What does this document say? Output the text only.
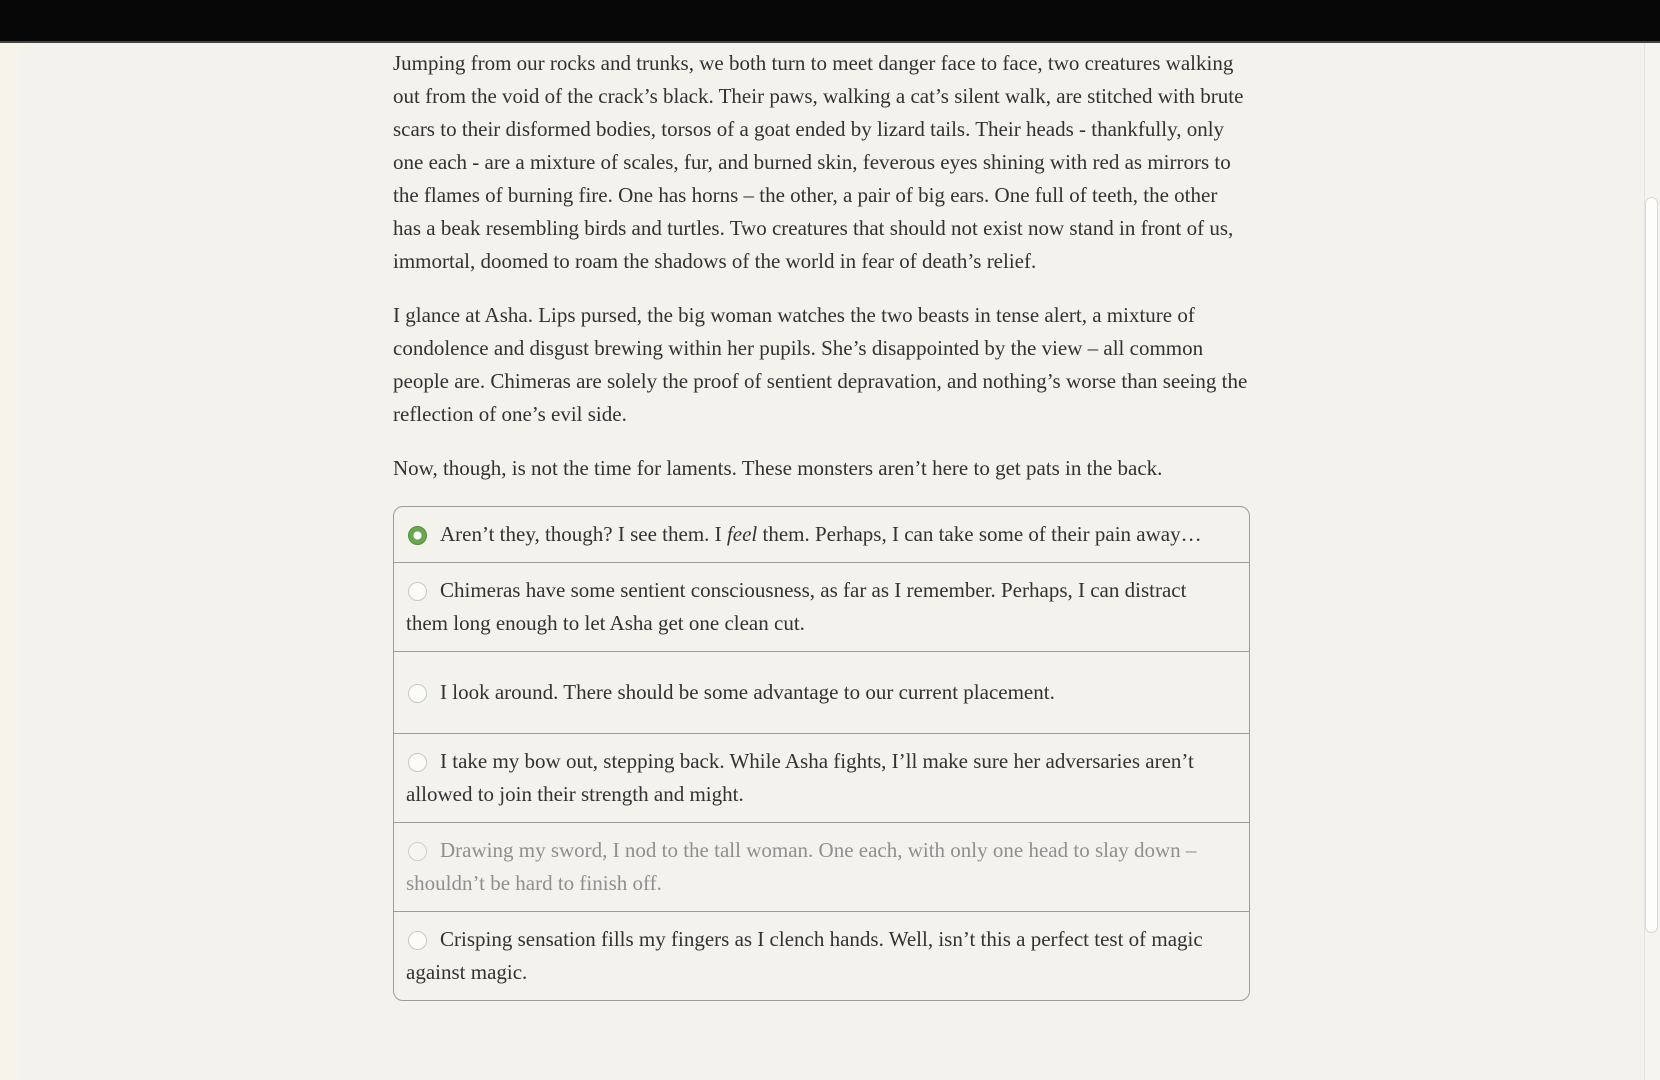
Jumping from our rocks and trunks, we both turn to meet danger face to face, two creatures walking out from the void of the crack’s black. Their paws, walking a cat’s silent walk, are stitched with brute scars to their disformed bodies, torsos of a goat ended by lizard tails. Their heads - thankfully, only one each - are a mixture of scales, fur, and burned skin, feverous eyes shining with red as mirrors to the flames of burning fire. One has horns – the other, a pair of big ears. One full of teeth, the other has a beak resembling birds and turtles. Two creatures that should not exist now stand in front of us, immortal, doomed to roam the shadows of the world in fear of death’s relief.

I glance at Asha. Lips pursed, the big woman watches the two beasts in tense alert, a mixture of condolence and disgust brewing within her pupils. She’s disappointed by the view – all common people are. Chimeras are solely the proof of sentient depravation, and nothing’s worse than seeing the reflection of one’s evil side.

Now, though, is not the time for laments. These monsters aren’t here to get pats in the back.

Aren’t they, though? I see them. I feel them. Perhaps, I can take some of their pain away…
Chimeras have some sentient consciousness, as far as I remember. Perhaps, I can distract them long enough to let Asha get one clean cut.
I look around. There should be some advantage to our current placement.
I take my bow out, stepping back. While Asha fights, I’ll make sure her adversaries aren’t allowed to join their strength and might.
Drawing my sword, I nod to the tall woman. One each, with only one head to slay down – shouldn’t be hard to finish off.
Crisping sensation fills my fingers as I clench hands. Well, isn’t this a perfect test of magic against magic.
